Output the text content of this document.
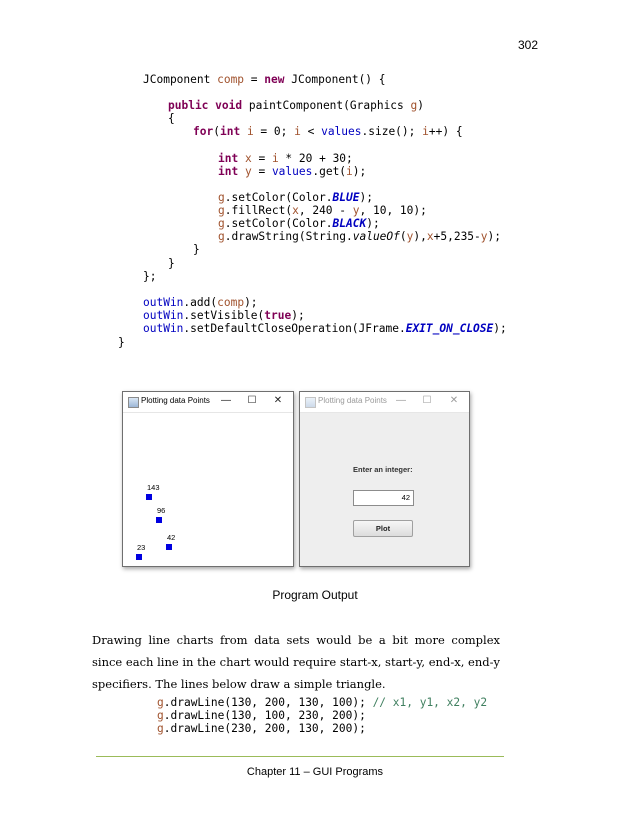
302

JComponent comp = new JComponent() {

public void paintComponent(Graphics g)

{

for(int i = 0; i < values.size(); i++) {

int x = i * 20 + 30;

int y = values.get(i);

g.setColor(Color.BLUE);

g.fillRect(x, 240 - y, 10, 10);

g.setColor(Color.BLACK);

g.drawString(String.valueOf(y),x+5,235-y);

}

}

};

outWin.add(comp);

outWin.setVisible(true);

outWin.setDefaultCloseOperation(JFrame.EXIT_ON_CLOSE);

}

Plotting data Points	—	☐	✕
23
143
96
42
Plotting data Points —	☐	✕
Enter an integer:
42
Plot
Program Output
Drawing line charts from data sets would be a bit more complex since each line in the chart would require start-x, start-y, end-x, end-y specifiers. The lines below draw a simple triangle.

g.drawLine(130, 200, 130, 100); // x1, y1, x2, y2

g.drawLine(130, 100, 230, 200);

g.drawLine(230, 200, 130, 200);

Chapter 11 – GUI Programs
